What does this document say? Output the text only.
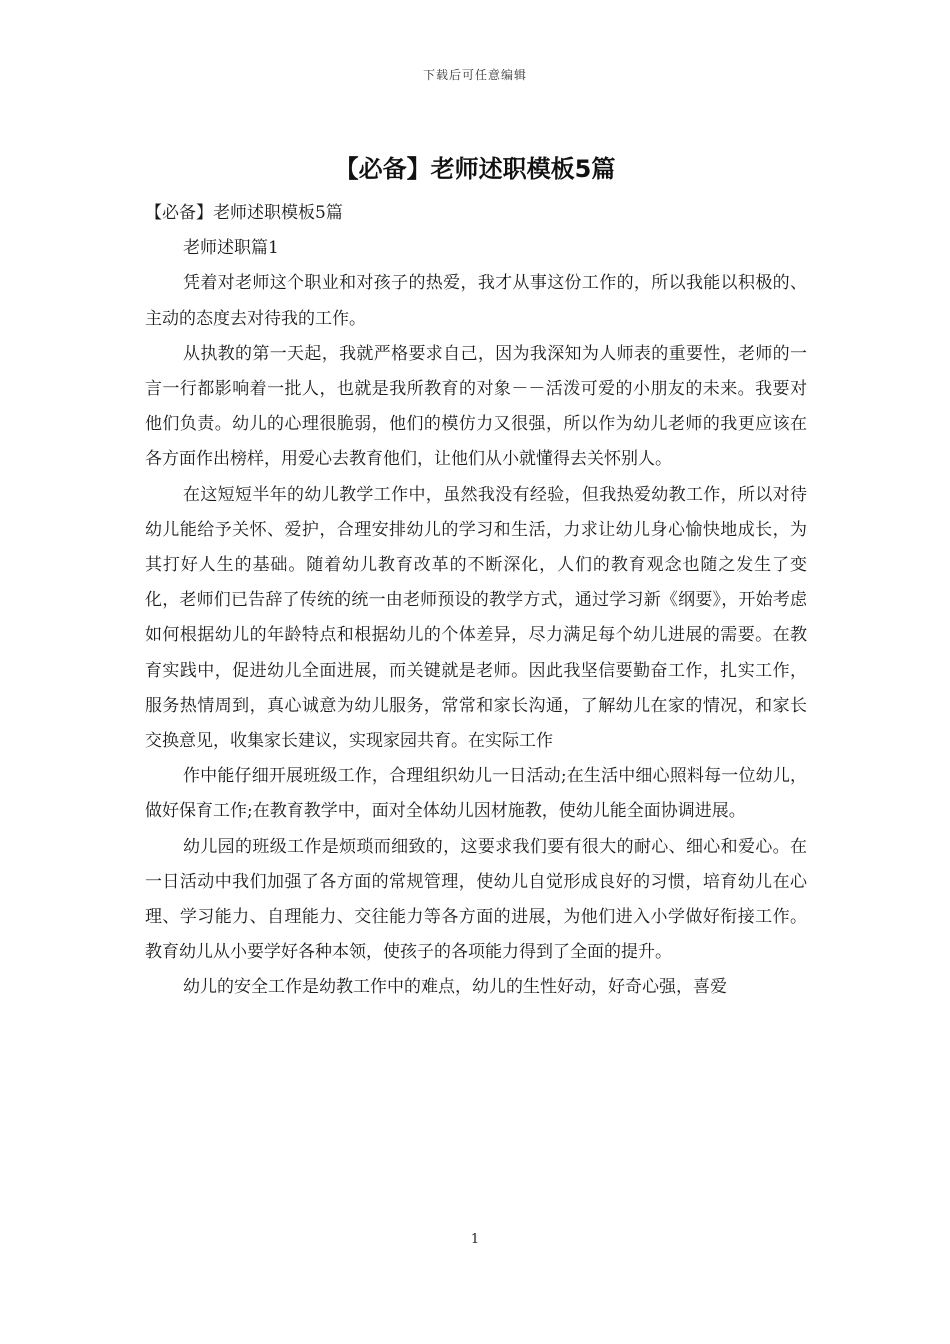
下载后可任意编辑
【必备】老师述职模板5篇

【必备】老师述职模板5篇

老师述职篇1

凭着对老师这个职业和对孩子的热爱，我才从事这份工作的，所以我能以积极的、主动的态度去对待我的工作。

从执教的第一天起，我就严格要求自己，因为我深知为人师表的重要性，老师的一言一行都影响着一批人，也就是我所教育的对象－－活泼可爱的小朋友的未来。我要对他们负责。幼儿的心理很脆弱，他们的模仿力又很强，所以作为幼儿老师的我更应该在各方面作出榜样，用爱心去教育他们，让他们从小就懂得去关怀别人。

在这短短半年的幼儿教学工作中，虽然我没有经验，但我热爱幼教工作，所以对待幼儿能给予关怀、爱护，合理安排幼儿的学习和生活，力求让幼儿身心愉快地成长，为其打好人生的基础。随着幼儿教育改革的不断深化，人们的教育观念也随之发生了变化，老师们已告辞了传统的统一由老师预设的教学方式，通过学习新《纲要》，开始考虑如何根据幼儿的年龄特点和根据幼儿的个体差异，尽力满足每个幼儿进展的需要。在教育实践中，促进幼儿全面进展，而关键就是老师。因此我坚信要勤奋工作，扎实工作，服务热情周到，真心诚意为幼儿服务，常常和家长沟通，了解幼儿在家的情况，和家长交换意见，收集家长建议，实现家园共育。在实际工作

作中能仔细开展班级工作，合理组织幼儿一日活动;在生活中细心照料每一位幼儿，做好保育工作;在教育教学中，面对全体幼儿因材施教，使幼儿能全面协调进展。

幼儿园的班级工作是烦琐而细致的，这要求我们要有很大的耐心、细心和爱心。在一日活动中我们加强了各方面的常规管理，使幼儿自觉形成良好的习惯，培育幼儿在心理、学习能力、自理能力、交往能力等各方面的进展，为他们进入小学做好衔接工作。教育幼儿从小要学好各种本领，使孩子的各项能力得到了全面的提升。

幼儿的安全工作是幼教工作中的难点，幼儿的生性好动，好奇心强，喜爱

1
